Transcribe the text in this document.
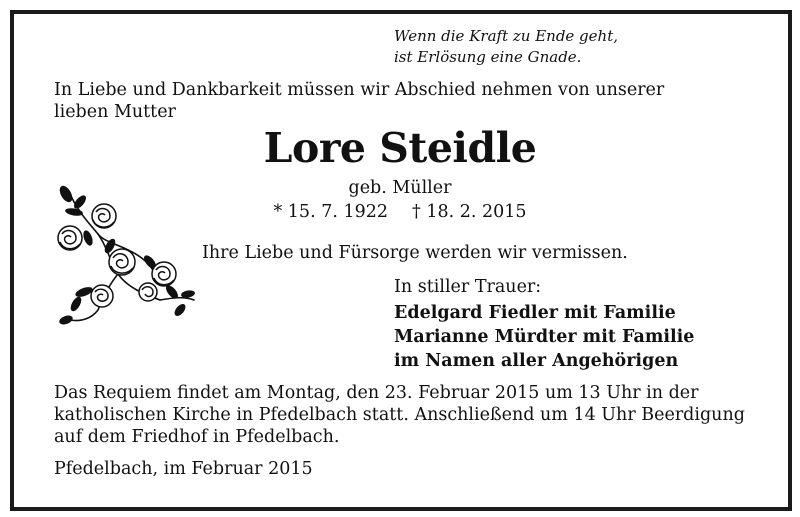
Wenn die Kraft zu Ende geht,
ist Erlösung eine Gnade.
In Liebe und Dankbarkeit müssen wir Abschied nehmen von unserer
lieben Mutter
Lore Steidle
geb. Müller
* 15. 7. 1922 † 18. 2. 2015
Ihre Liebe und Fürsorge werden wir vermissen.
In stiller Trauer:
Edelgard Fiedler mit Familie
Marianne Mürdter mit Familie
im Namen aller Angehörigen
Das Requiem findet am Montag, den 23. Februar 2015 um 13 Uhr in der
katholischen Kirche in Pfedelbach statt. Anschließend um 14 Uhr Beerdigung
auf dem Friedhof in Pfedelbach.
Pfedelbach, im Februar 2015
